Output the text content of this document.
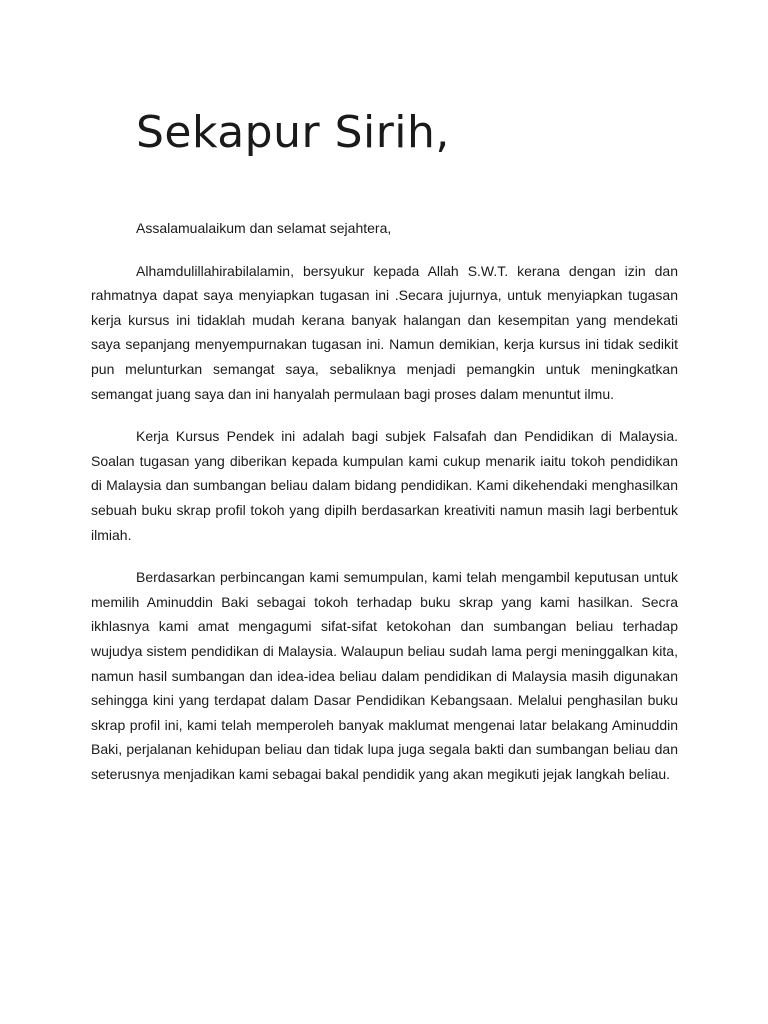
Sekapur Sirih,

Assalamualaikum dan selamat sejahtera,

Alhamdulillahirabilalamin, bersyukur kepada Allah S.W.T. kerana dengan izin dan rahmatnya dapat saya menyiapkan tugasan ini .Secara jujurnya, untuk menyiapkan tugasan kerja kursus ini tidaklah mudah kerana banyak halangan dan kesempitan yang mendekati saya sepanjang menyempurnakan tugasan ini. Namun demikian, kerja kursus ini tidak sedikit pun melunturkan semangat saya, sebaliknya menjadi pemangkin untuk meningkatkan semangat juang saya dan ini hanyalah permulaan bagi proses dalam menuntut ilmu.

Kerja Kursus Pendek ini adalah bagi subjek Falsafah dan Pendidikan di Malaysia. Soalan tugasan yang diberikan kepada kumpulan kami cukup menarik iaitu tokoh pendidikan di Malaysia dan sumbangan beliau dalam bidang pendidikan. Kami dikehendaki menghasilkan sebuah buku skrap profil tokoh yang dipilh berdasarkan kreativiti namun masih lagi berbentuk ilmiah.

Berdasarkan perbincangan kami semumpulan, kami telah mengambil keputusan untuk memilih Aminuddin Baki sebagai tokoh terhadap buku skrap yang kami hasilkan. Secra ikhlasnya kami amat mengagumi sifat-sifat ketokohan dan sumbangan beliau terhadap wujudya sistem pendidikan di Malaysia. Walaupun beliau sudah lama pergi meninggalkan kita, namun hasil sumbangan dan idea-idea beliau dalam pendidikan di Malaysia masih digunakan sehingga kini yang terdapat dalam Dasar Pendidikan Kebangsaan. Melalui penghasilan buku skrap profil ini, kami telah memperoleh banyak maklumat mengenai latar belakang Aminuddin Baki, perjalanan kehidupan beliau dan tidak lupa juga segala bakti dan sumbangan beliau dan seterusnya menjadikan kami sebagai bakal pendidik yang akan megikuti jejak langkah beliau.
